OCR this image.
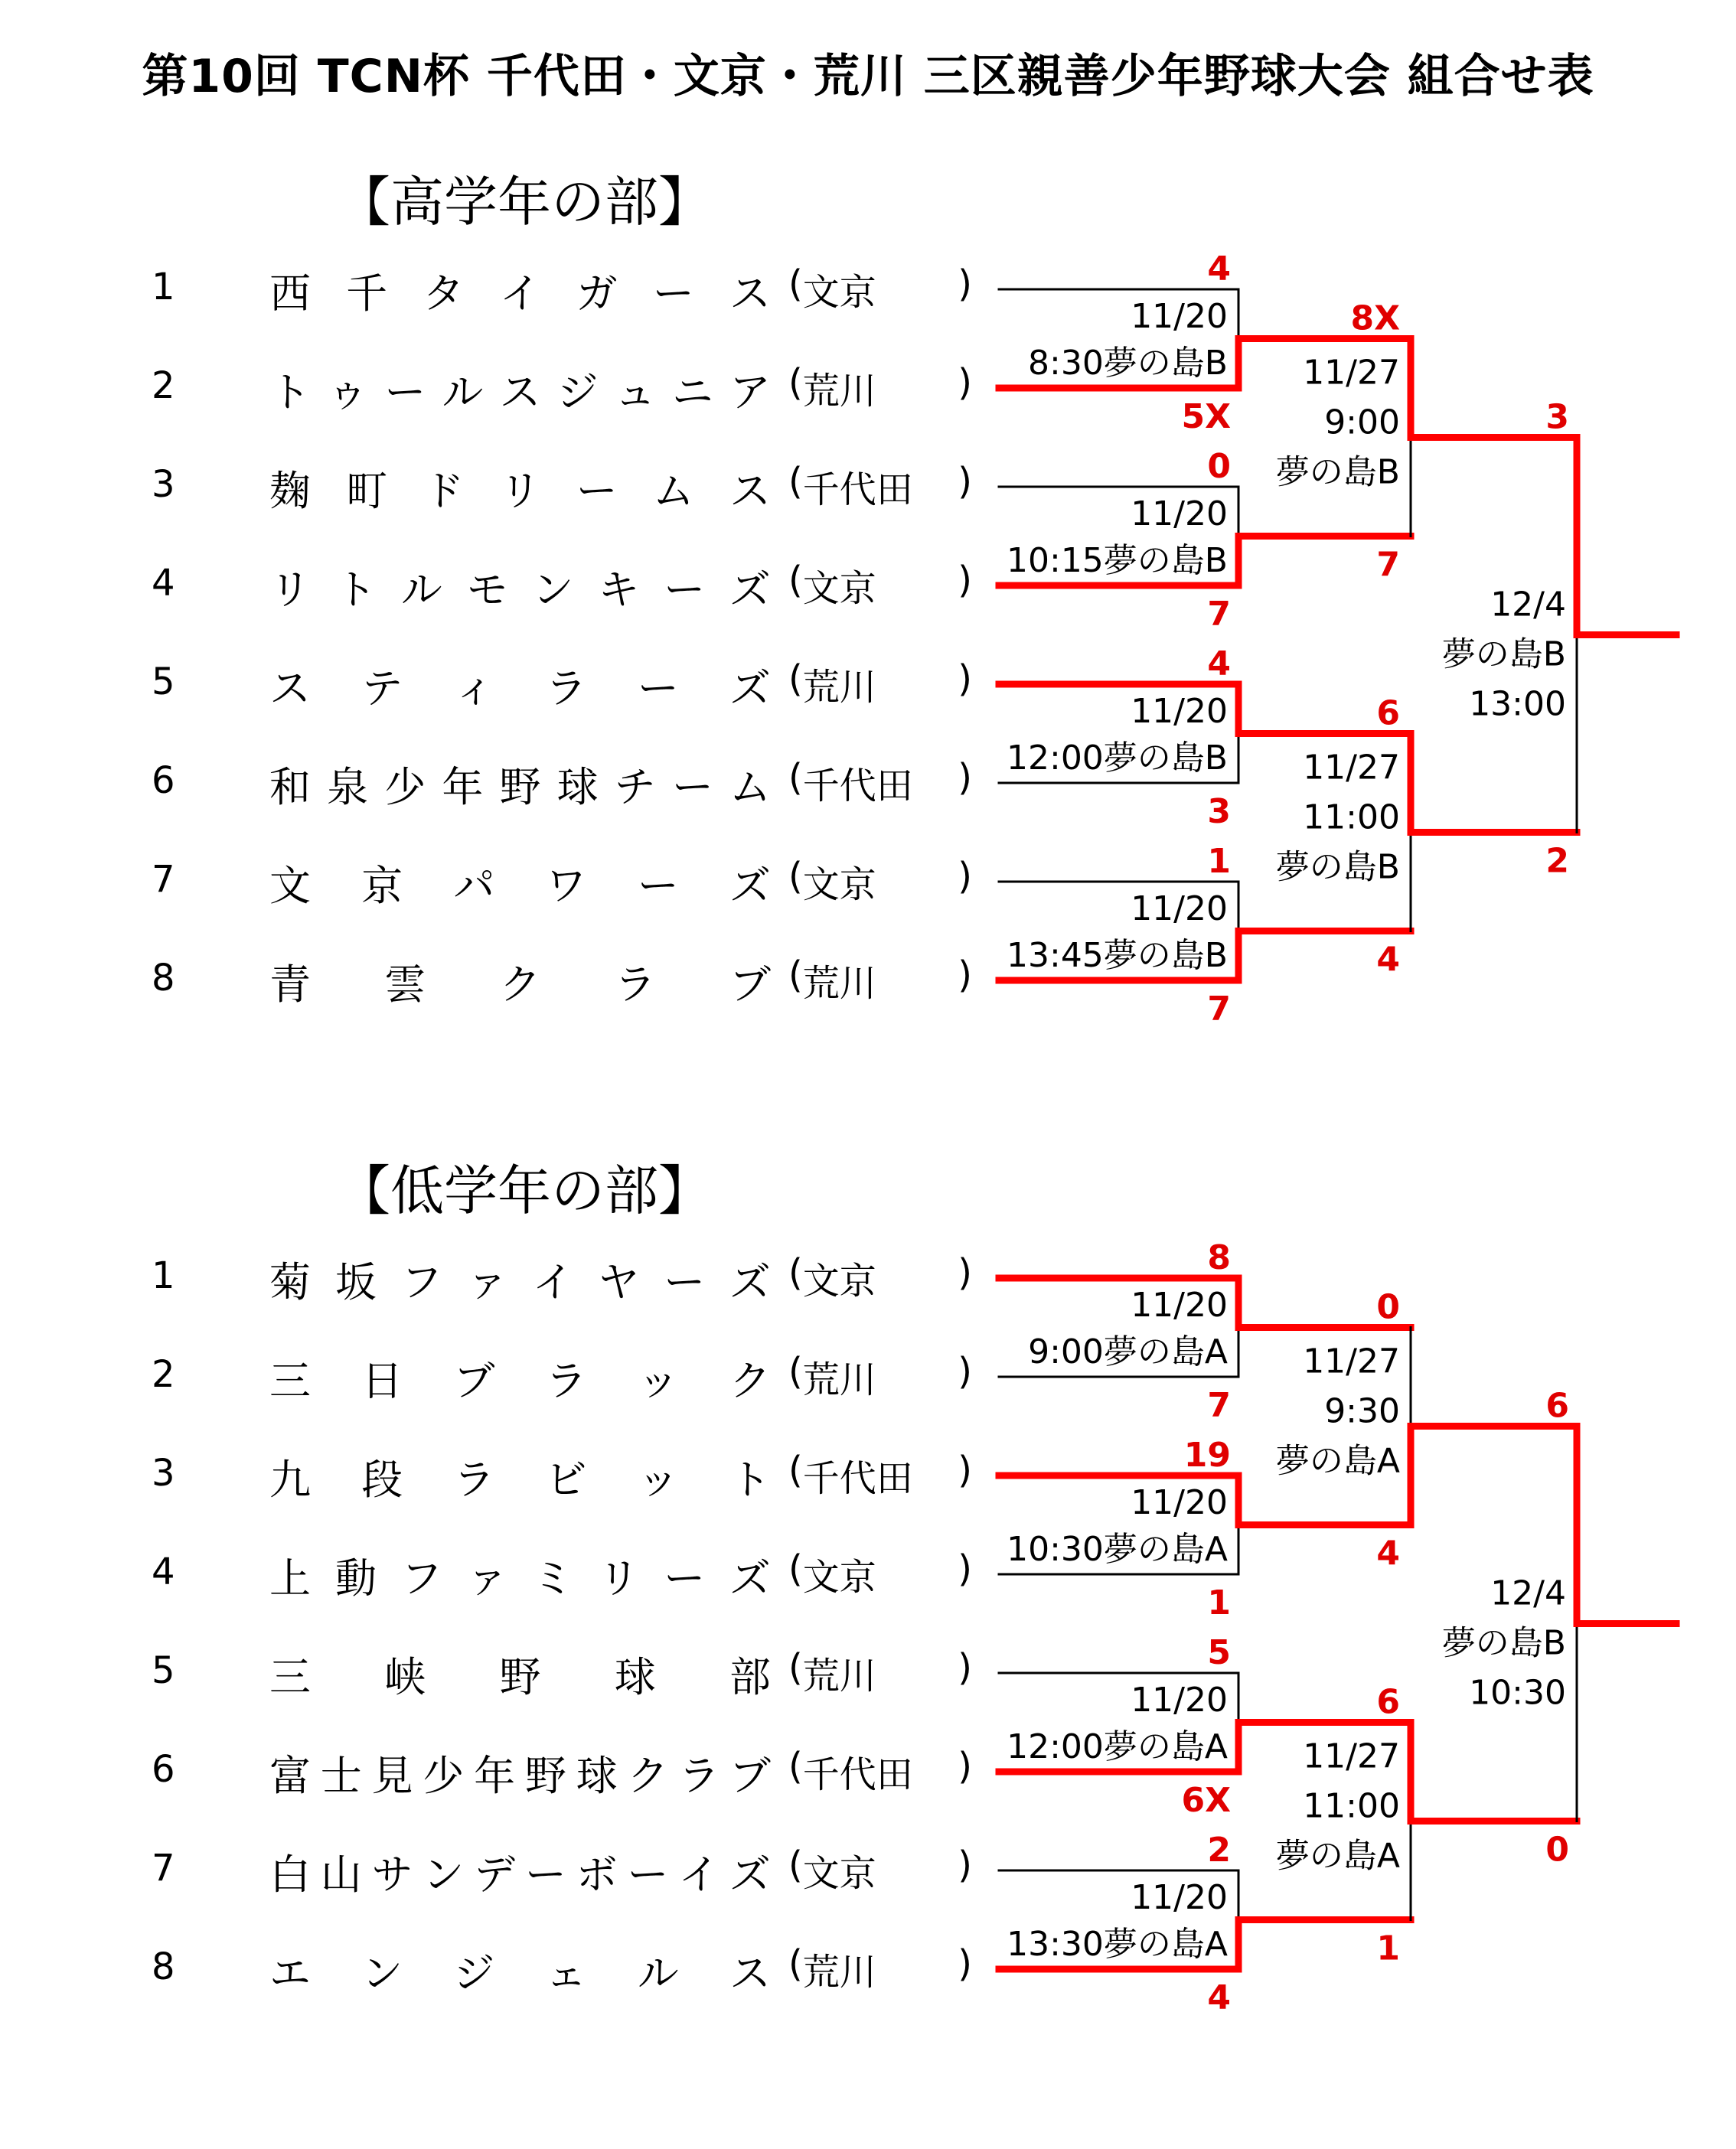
第10回 TCN杯 千代田・文京・荒川 三区親善少年野球大会 組合せ表
【高学年の部】
1 西 千 タ イ ガ ー ス ( 文京	)
2 ト ゥ ー ル ス ジ ュ ニ ア ( 荒川	)
3 麹 町 ド リ ー ム ス ( 千代田	)
4 リ ト ル モ ン キ ー ズ ( 文京	)
5 ス テ ィ ラ ー ズ ( 荒川	)
6 和 泉 少 年 野 球 チ ー ム ( 千代田	)
7 文 京 パ ワ ー ズ ( 文京	)
8 青 雲 ク ラ ブ ( 荒川	)
4
5X
11/20
8:30夢の島B
0
7
11/20
10:15夢の島B
4
3
11/20
12:00夢の島B
1
7
11/20
13:45夢の島B
8X
7
11/27
9:00
夢の島B
6
4
11/27
11:00
夢の島B
3
2
12/4
夢の島B
13:00
【低学年の部】
1 菊 坂 フ ァ イ ヤ ー ズ ( 文京	)
2 三 日 ブ ラ ッ ク ( 荒川	)
3 九 段 ラ ビ ッ ト ( 千代田	)
4 上 動 フ ァ ミ リ ー ズ ( 文京	)
5 三 峡 野 球 部 ( 荒川	)
6 富 士 見 少 年 野 球 ク ラ ブ ( 千代田	)
7 白 山 サ ン デ ー ボ ー イ ズ ( 文京	)
8 エ ン ジ ェ ル ス ( 荒川	)
8
7
11/20
9:00夢の島A
19
1
11/20
10:30夢の島A
5
6X
11/20
12:00夢の島A
2
4
11/20
13:30夢の島A
0
4
11/27
9:30
夢の島A
6
1
11/27
11:00
夢の島A
6
0
12/4
夢の島B
10:30
